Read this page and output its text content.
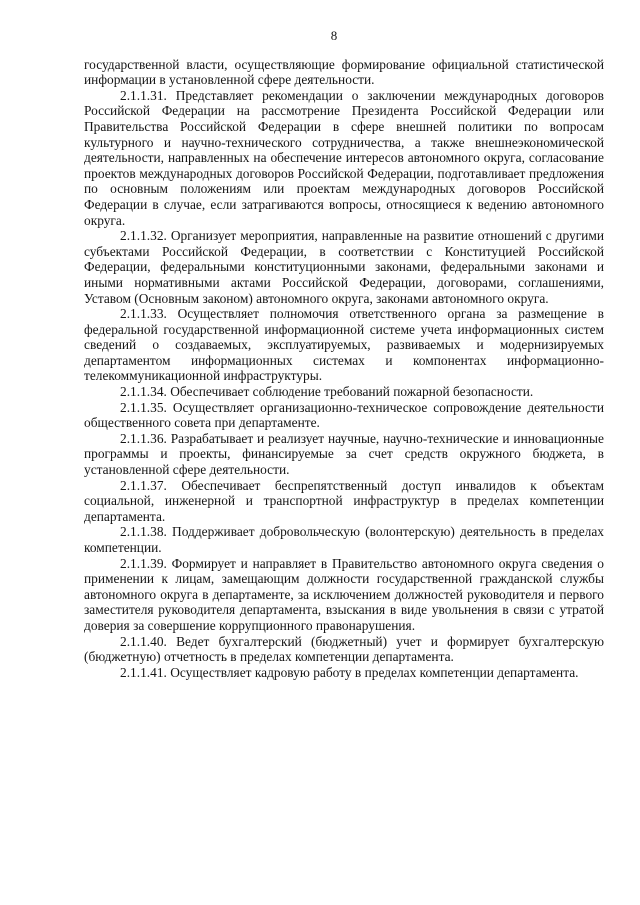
8

государственной власти, осуществляющие формирование официальной статистической информации в установленной сфере деятельности.

2.1.1.31. Представляет рекомендации о заключении международных договоров Российской Федерации на рассмотрение Президента Российской Федерации или Правительства Российской Федерации в сфере внешней политики по вопросам культурного и научно-технического сотрудничества, а также внешнеэкономической деятельности, направленных на обеспечение интересов автономного округа, согласование проектов международных договоров Российской Федерации, подготавливает предложения по основным положениям или проектам международных договоров Российской Федерации в случае, если затрагиваются вопросы, относящиеся к ведению автономного округа.

2.1.1.32. Организует мероприятия, направленные на развитие отношений с другими субъектами Российской Федерации, в соответствии с Конституцией Российской Федерации, федеральными конституционными законами, федеральными законами и иными нормативными актами Российской Федерации, договорами, соглашениями, Уставом (Основным законом) автономного округа, законами автономного округа.

2.1.1.33. Осуществляет полномочия ответственного органа за размещение в федеральной государственной информационной системе учета информационных систем сведений о создаваемых, эксплуатируемых, развиваемых и модернизируемых департаментом информационных системах и компонентах информационно-телекоммуникационной инфраструктуры.

2.1.1.34. Обеспечивает соблюдение требований пожарной безопасности.

2.1.1.35. Осуществляет организационно-техническое сопровождение деятельности общественного совета при департаменте.

2.1.1.36. Разрабатывает и реализует научные, научно-технические и инновационные программы и проекты, финансируемые за счет средств окружного бюджета, в установленной сфере деятельности.

2.1.1.37. Обеспечивает беспрепятственный доступ инвалидов к объектам социальной, инженерной и транспортной инфраструктур в пределах компетенции департамента.

2.1.1.38. Поддерживает добровольческую (волонтерскую) деятельность в пределах компетенции.

2.1.1.39. Формирует и направляет в Правительство автономного округа сведения о применении к лицам, замещающим должности государственной гражданской службы автономного округа в департаменте, за исключением должностей руководителя и первого заместителя руководителя департамента, взыскания в виде увольнения в связи с утратой доверия за совершение коррупционного правонарушения.

2.1.1.40. Ведет бухгалтерский (бюджетный) учет и формирует бухгалтерскую (бюджетную) отчетность в пределах компетенции департамента.

2.1.1.41. Осуществляет кадровую работу в пределах компетенции департамента.
